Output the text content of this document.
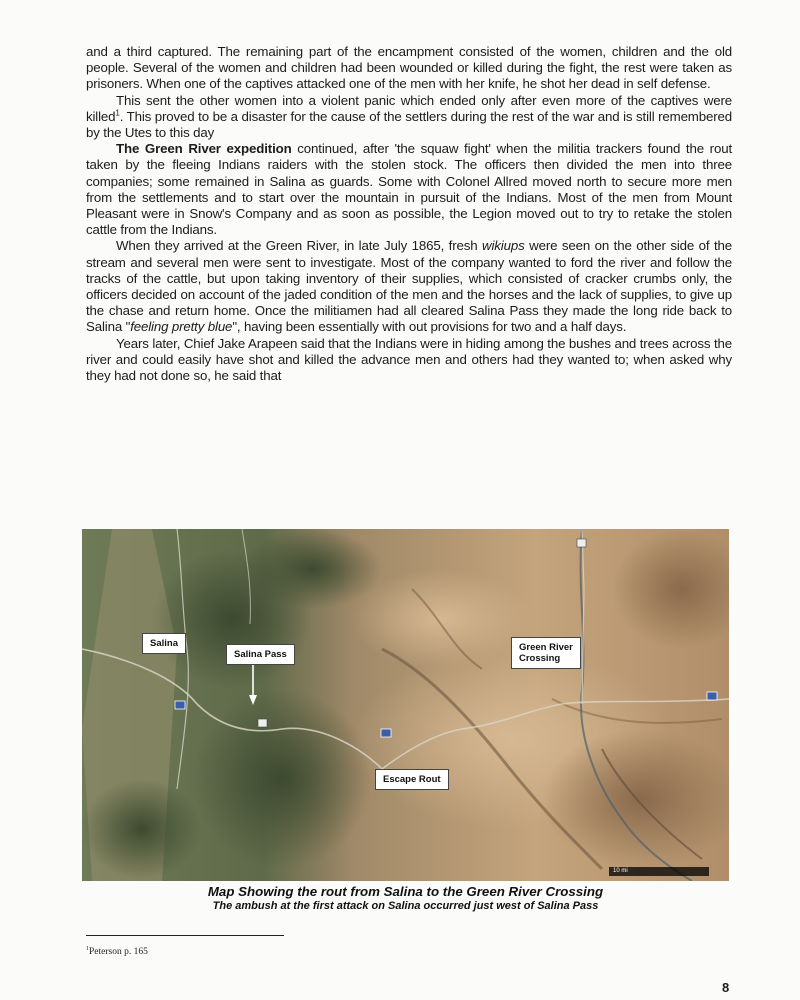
and a third captured. The remaining part of the encampment consisted of the women, children and the old people. Several of the women and children had been wounded or killed during the fight, the rest were taken as prisoners. When one of the captives attacked one of the men with her knife, he shot her dead in self defense.

This sent the other women into a violent panic which ended only after even more of the captives were killed$^1$. This proved to be a disaster for the cause of the settlers during the rest of the war and is still remembered by the Utes to this day

The Green River expedition continued, after 'the squaw fight' when the militia trackers found the rout taken by the fleeing Indians raiders with the stolen stock. The officers then divided the men into three companies; some remained in Salina as guards. Some with Colonel Allred moved north to secure more men from the settlements and to start over the mountain in pursuit of the Indians. Most of the men from Mount Pleasant were in Snow's Company and as soon as possible, the Legion moved out to try to retake the stolen cattle from the Indians.

When they arrived at the Green River, in late July 1865, fresh wikiups were seen on the other side of the stream and several men were sent to investigate. Most of the company wanted to ford the river and follow the tracks of the cattle, but upon taking inventory of their supplies, which consisted of cracker crumbs only, the officers decided on account of the jaded condition of the men and the horses and the lack of supplies, to give up the chase and return home. Once the militiamen had all cleared Salina Pass they made the long ride back to Salina "feeling pretty blue", having been essentially with out provisions for two and a half days.

Years later, Chief Jake Arapeen said that the Indians were in hiding among the bushes and trees across the river and could easily have shot and killed the advance men and others had they wanted to; when asked why they had not done so, he said that

Salina
Salina Pass
Green River
Crossing
Escape Rout
10 mi
Map Showing the rout from Salina to the Green River Crossing
The ambush at the first attack on Salina occurred just west of Salina Pass
$^1$Peterson p. 165
8
